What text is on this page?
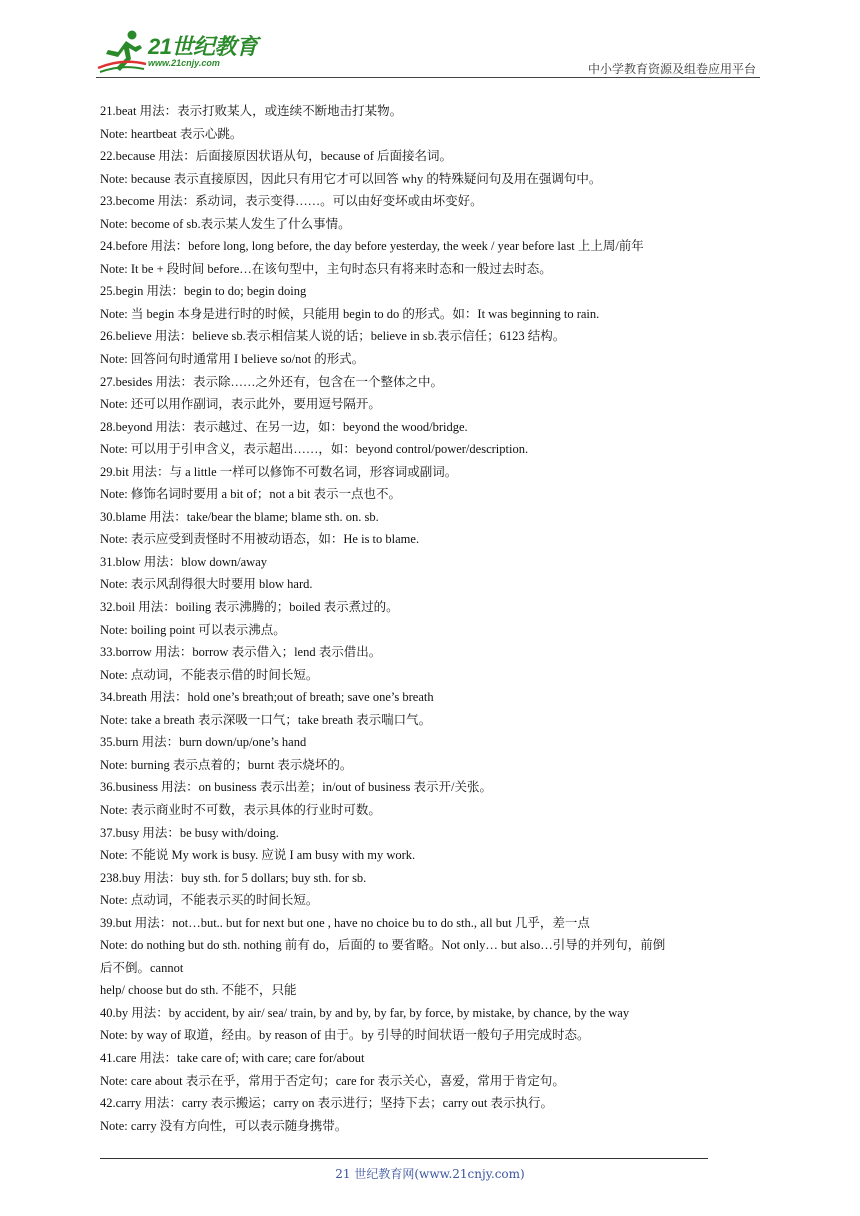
21世纪教育
www.21cnjy.com	中小学教育资源及组卷应用平台
21.beat 用法：表示打败某人，或连续不断地击打某物。
Note: heartbeat 表示心跳。
22.because 用法：后面接原因状语从句，because of 后面接名词。
Note: because 表示直接原因，因此只有用它才可以回答 why 的特殊疑问句及用在强调句中。
23.become 用法：系动词，表示变得……。可以由好变坏或由坏变好。
Note: become of sb.表示某人发生了什么事情。
24.before 用法：before long, long before, the day before yesterday, the week / year before last 上上周/前年
Note: It be + 段时间 before…在该句型中，主句时态只有将来时态和一般过去时态。
25.begin 用法：begin to do; begin doing
Note: 当 begin 本身是进行时的时候，只能用 begin to do 的形式。如：It was beginning to rain.
26.believe 用法：believe sb.表示相信某人说的话；believe in sb.表示信任；6123 结构。
Note: 回答问句时通常用 I believe so/not 的形式。
27.besides 用法：表示除……之外还有，包含在一个整体之中。
Note: 还可以用作副词，表示此外，要用逗号隔开。
28.beyond 用法：表示越过、在另一边，如：beyond the wood/bridge.
Note: 可以用于引申含义，表示超出……，如：beyond control/power/description.
29.bit 用法：与 a little 一样可以修饰不可数名词，形容词或副词。
Note: 修饰名词时要用 a bit of；not a bit 表示一点也不。
30.blame 用法：take/bear the blame; blame sth. on. sb.
Note: 表示应受到责怪时不用被动语态，如：He is to blame.
31.blow 用法：blow down/away
Note: 表示风刮得很大时要用 blow hard.
32.boil 用法：boiling 表示沸腾的；boiled 表示煮过的。
Note: boiling point 可以表示沸点。
33.borrow 用法：borrow 表示借入；lend 表示借出。
Note: 点动词，不能表示借的时间长短。
34.breath 用法：hold one’s breath;out of breath; save one’s breath
Note: take a breath 表示深吸一口气；take breath 表示喘口气。
35.burn 用法：burn down/up/one’s hand
Note: burning 表示点着的；burnt 表示烧坏的。
36.business 用法：on business 表示出差；in/out of business 表示开/关张。
Note: 表示商业时不可数，表示具体的行业时可数。
37.busy 用法：be busy with/doing.
Note: 不能说 My work is busy. 应说 I am busy with my work.
238.buy 用法：buy sth. for 5 dollars; buy sth. for sb.
Note: 点动词，不能表示买的时间长短。
39.but 用法：not…but.. but for next but one , have no choice bu to do sth., all but 几乎，差一点
Note: do nothing but do sth. nothing 前有 do，后面的 to 要省略。Not only… but also…引导的并列句，前倒
后不倒。cannot
help/ choose but do sth. 不能不，只能
40.by 用法：by accident, by air/ sea/ train, by and by, by far, by force, by mistake, by chance, by the way
Note: by way of 取道，经由。by reason of 由于。by 引导的时间状语一般句子用完成时态。
41.care 用法：take care of; with care; care for/about
Note: care about 表示在乎，常用于否定句；care for 表示关心，喜爱，常用于肯定句。
42.carry 用法：carry 表示搬运；carry on 表示进行；坚持下去；carry out 表示执行。
Note: carry 没有方向性，可以表示随身携带。
21 世纪教育网(www.21cnjy.com)
